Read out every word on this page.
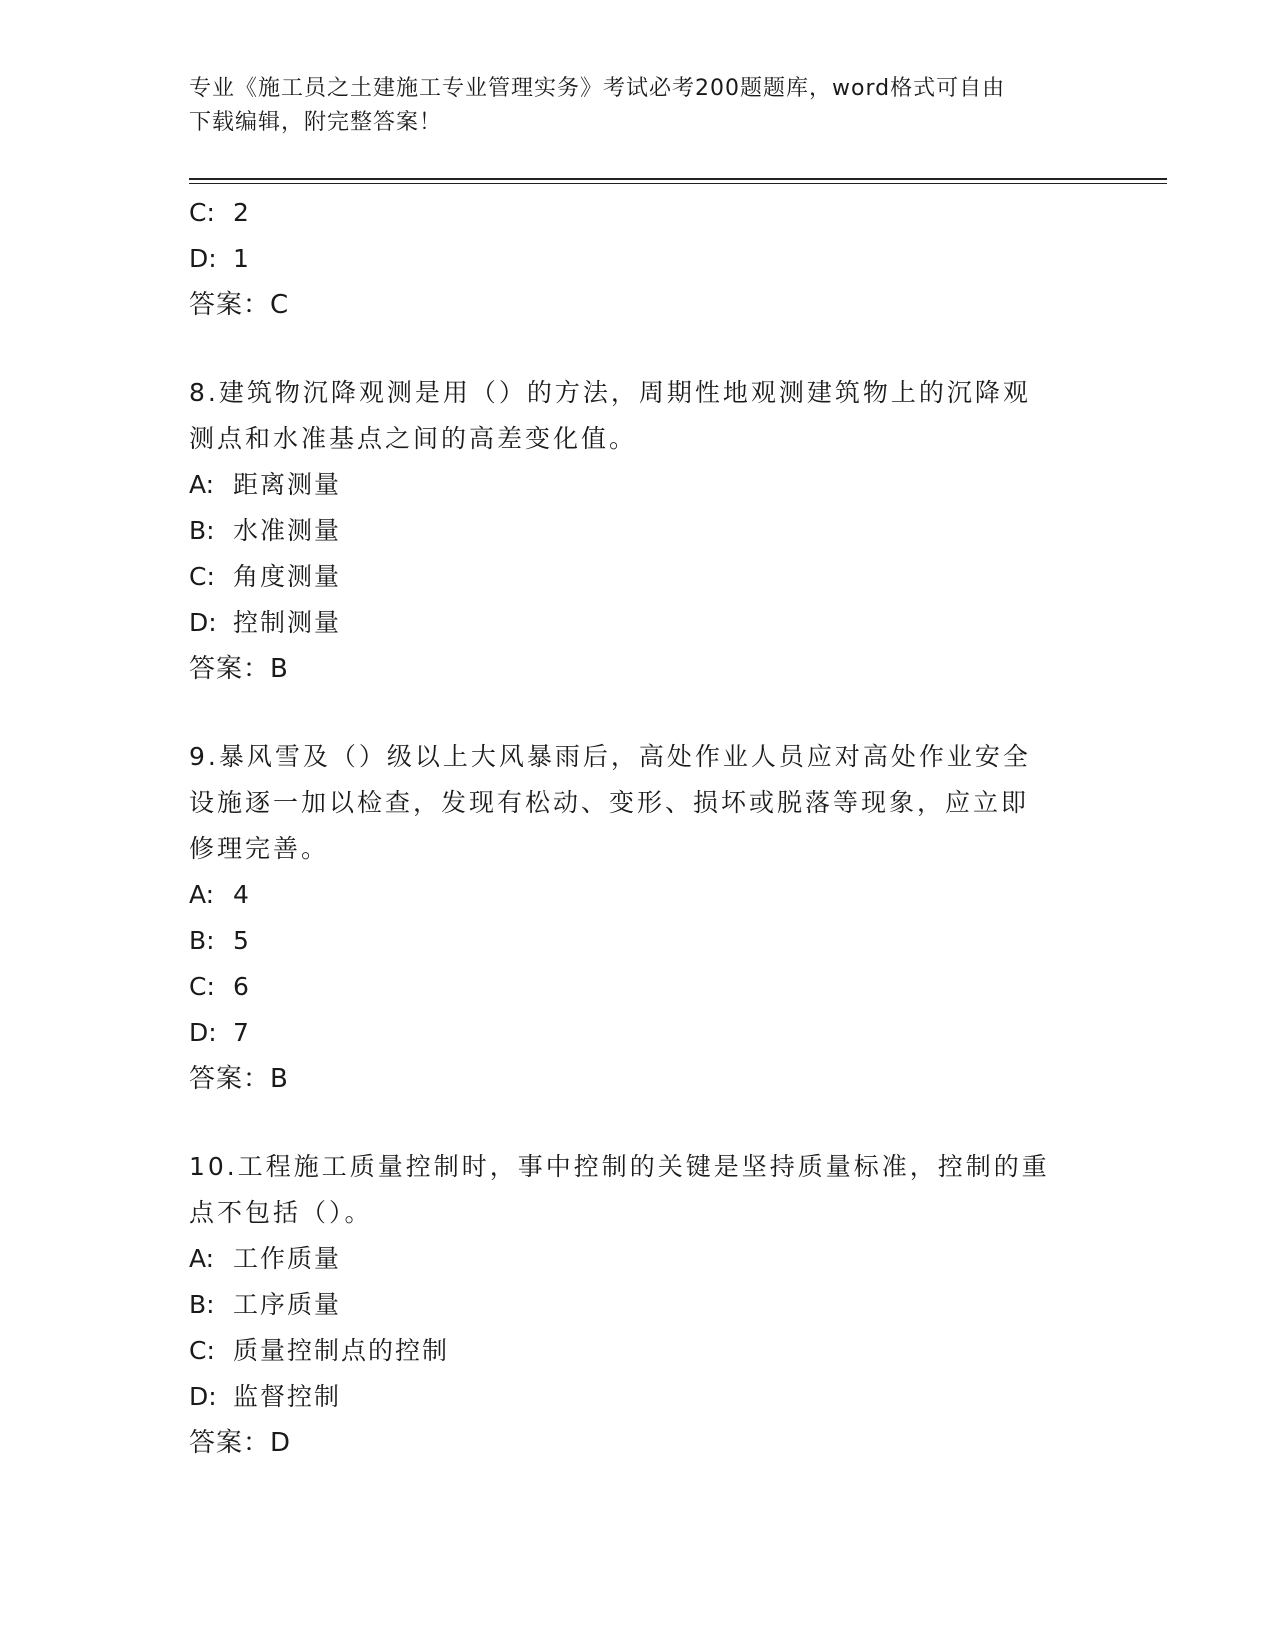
专业《施工员之土建施工专业管理实务》考试必考200题题库，word格式可自由
下载编辑，附完整答案！
C: 2
D: 1
答案：C
8.建筑物沉降观测是用（）的方法，周期性地观测建筑物上的沉降观
测点和水准基点之间的高差变化值。
A: 距离测量
B: 水准测量
C: 角度测量
D: 控制测量
答案：B
9.暴风雪及（）级以上大风暴雨后，高处作业人员应对高处作业安全
设施逐一加以检查，发现有松动、变形、损坏或脱落等现象，应立即
修理完善。
A: 4
B: 5
C: 6
D: 7
答案：B
10.工程施工质量控制时，事中控制的关键是坚持质量标准，控制的重
点不包括（）。
A: 工作质量
B: 工序质量
C: 质量控制点的控制
D: 监督控制
答案：D
